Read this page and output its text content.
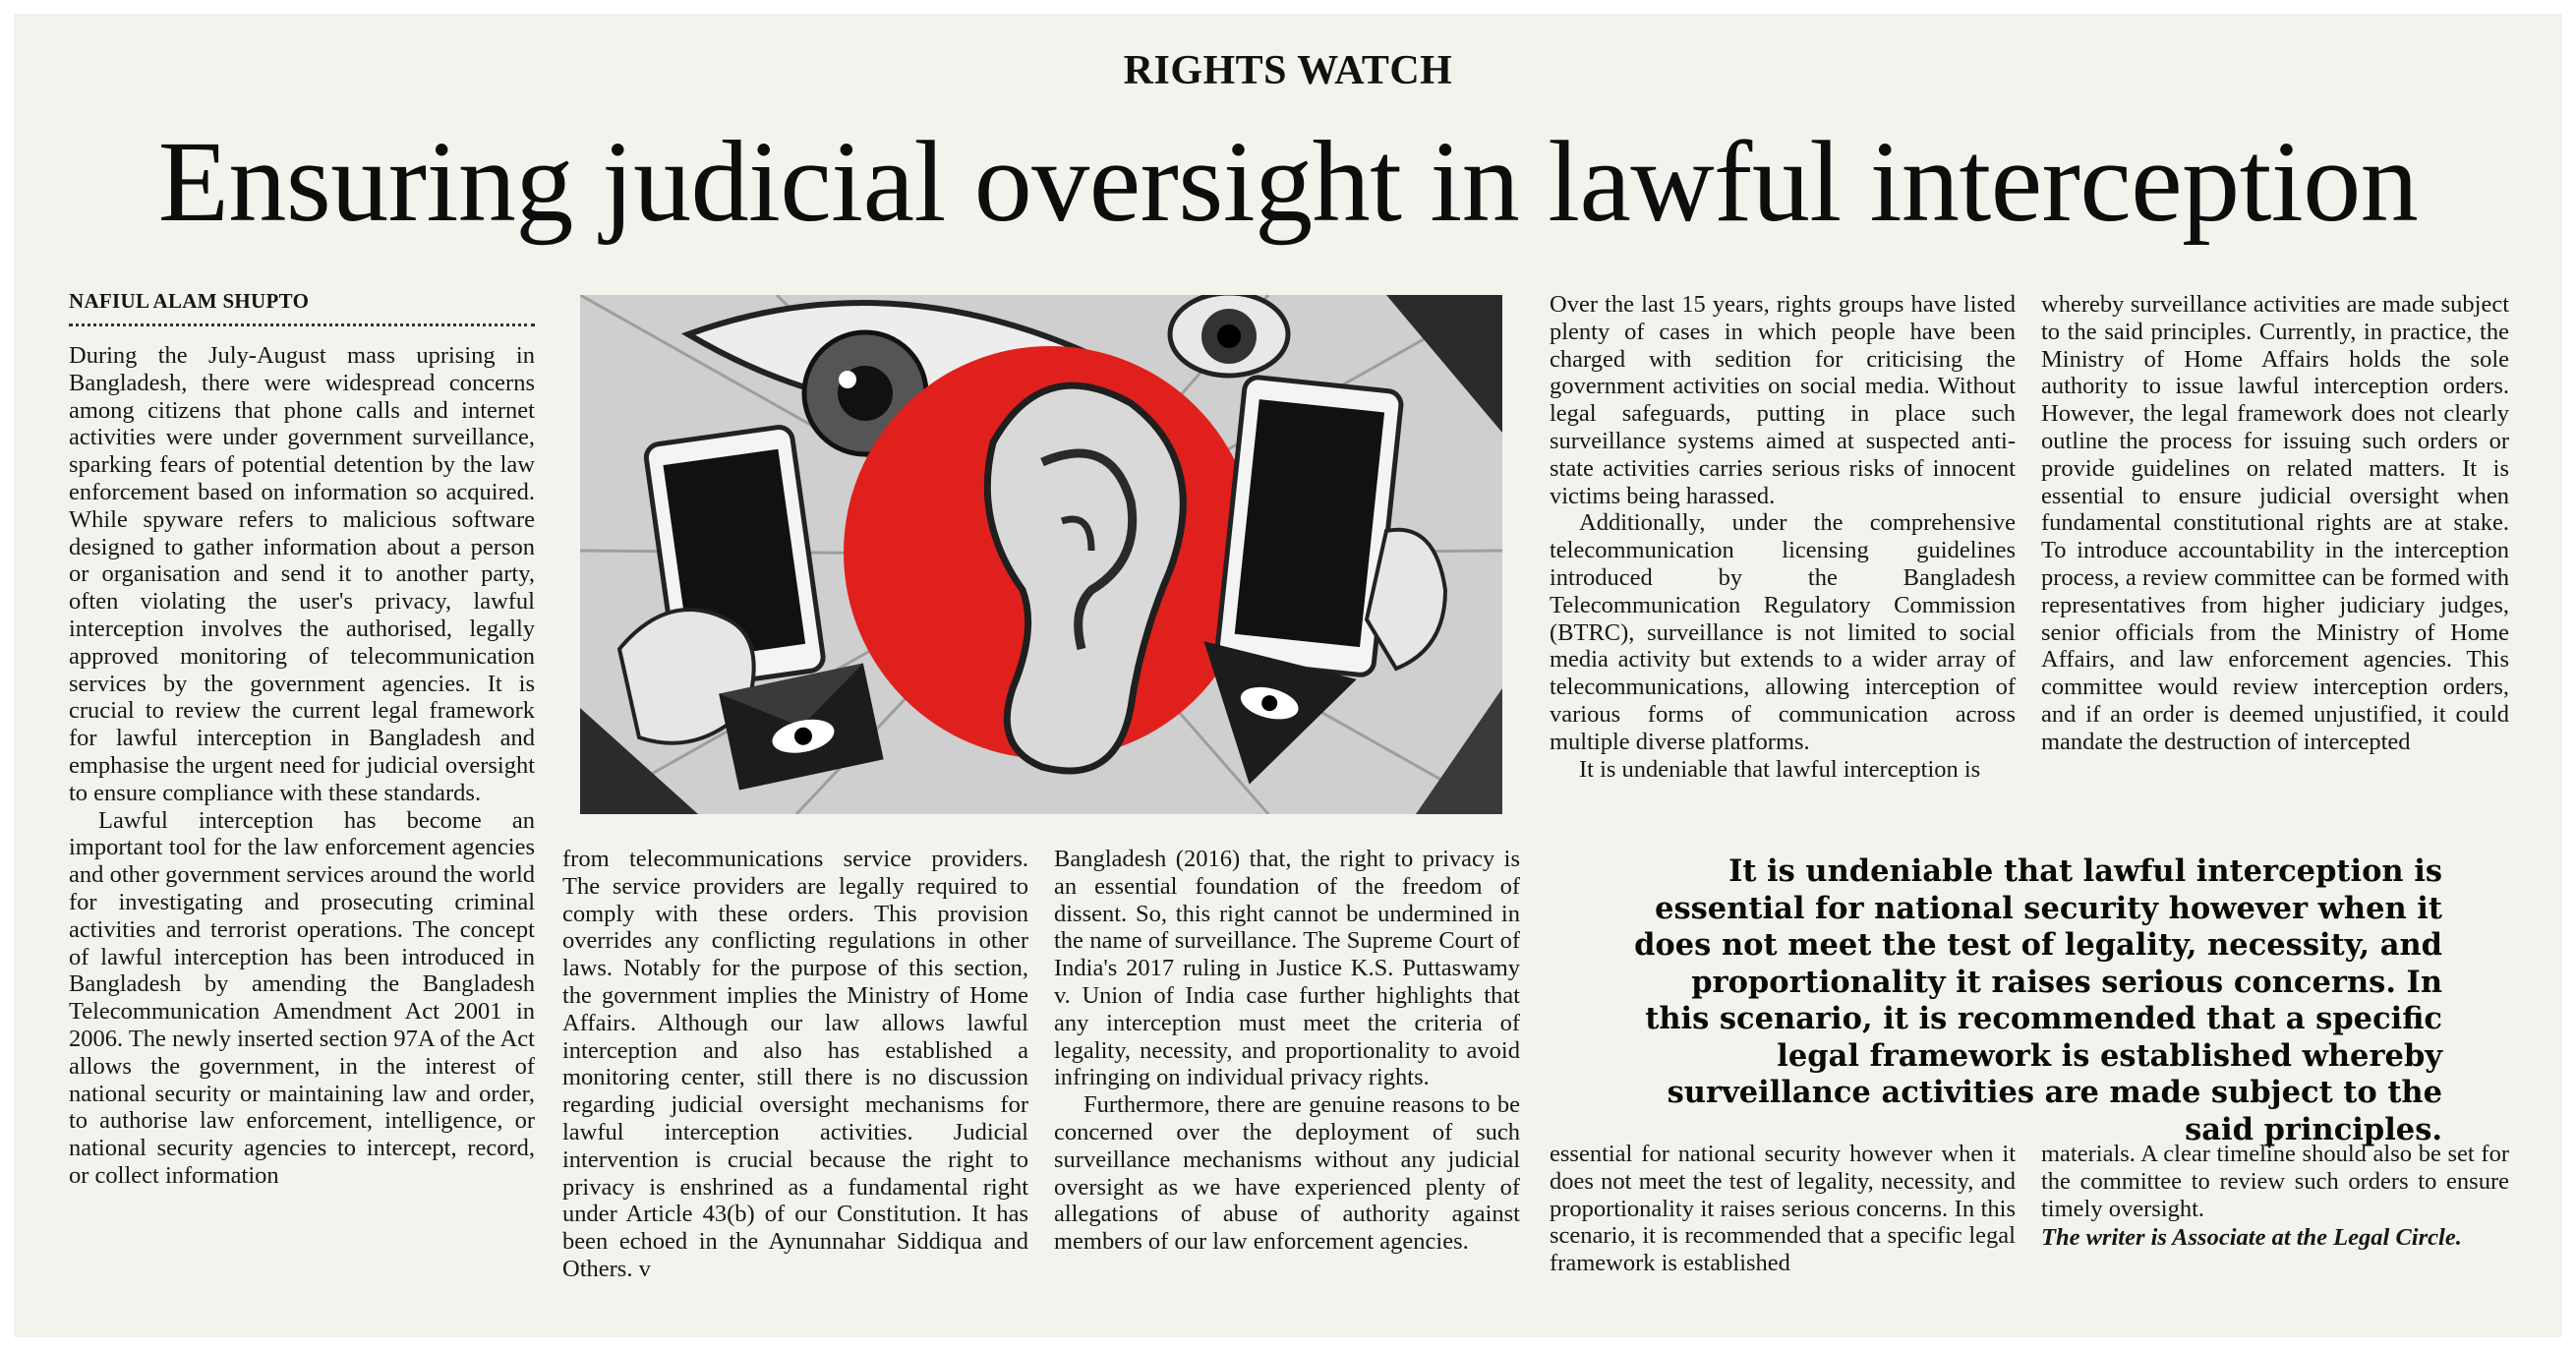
RIGHTS WATCH
Ensuring judicial oversight in lawful interception
NAFIUL ALAM SHUPTO

During the July-August mass uprising in Bangladesh, there were widespread concerns among citizens that phone calls and internet activities were under government surveillance, sparking fears of potential detention by the law enforcement based on information so acquired. While spyware refers to malicious software designed to gather information about a person or organisation and send it to another party, often violating the user's privacy, lawful interception involves the authorised, legally approved monitoring of telecommunication services by the government agencies. It is crucial to review the current legal framework for lawful interception in Bangladesh and emphasise the urgent need for judicial oversight to ensure compliance with these standards.

Lawful interception has become an important tool for the law enforcement agencies and other government services around the world for investigating and prosecuting criminal activities and terrorist operations. The concept of lawful interception has been introduced in Bangladesh by amending the Bangladesh Telecommunication Amendment Act 2001 in 2006. The newly inserted section 97A of the Act allows the government, in the interest of national security or maintaining law and order, to authorise law enforcement, intelligence, or national security agencies to intercept, record, or collect information

from telecommunications service providers. The service providers are legally required to comply with these orders. This provision overrides any conflicting regulations in other laws. Notably for the purpose of this section, the government implies the Ministry of Home Affairs. Although our law allows lawful interception and also has established a monitoring center, still there is no discussion regarding judicial oversight mechanisms for lawful interception activities. Judicial intervention is crucial because the right to privacy is enshrined as a fundamental right under Article 43(b) of our Constitution. It has been echoed in the Aynunnahar Siddiqua and Others. v

Bangladesh (2016) that, the right to privacy is an essential foundation of the freedom of dissent. So, this right cannot be undermined in the name of surveillance. The Supreme Court of India's 2017 ruling in Justice K.S. Puttaswamy v. Union of India case further highlights that any interception must meet the criteria of legality, necessity, and proportionality to avoid infringing on individual privacy rights.

Furthermore, there are genuine reasons to be concerned over the deployment of such surveillance mechanisms without any judicial oversight as we have experienced plenty of allegations of abuse of authority against members of our law enforcement agencies.

Over the last 15 years, rights groups have listed plenty of cases in which people have been charged with sedition for criticising the government activities on social media. Without legal safeguards, putting in place such surveillance systems aimed at suspected anti-state activities carries serious risks of innocent victims being harassed.

Additionally, under the comprehensive telecommunication licensing guidelines introduced by the Bangladesh Telecommunication Regulatory Commission (BTRC), surveillance is not limited to social media activity but extends to a wider array of telecommunications, allowing interception of various forms of communication across multiple diverse platforms.

It is undeniable that lawful interception is

whereby surveillance activities are made subject to the said principles. Currently, in practice, the Ministry of Home Affairs holds the sole authority to issue lawful interception orders. However, the legal framework does not clearly outline the process for issuing such orders or provide guidelines on related matters. It is essential to ensure judicial oversight when fundamental constitutional rights are at stake. To introduce accountability in the interception process, a review committee can be formed with representatives from higher judiciary judges, senior officials from the Ministry of Home Affairs, and law enforcement agencies. This committee would review interception orders, and if an order is deemed unjustified, it could mandate the destruction of intercepted

It is undeniable that lawful interception is essential for national security however when it does not meet the test of legality, necessity, and proportionality it raises serious concerns. In this scenario, it is recommended that a specific legal framework is established whereby surveillance activities are made subject to the said principles.

essential for national security however when it does not meet the test of legality, necessity, and proportionality it raises serious concerns. In this scenario, it is recommended that a specific legal framework is established

materials. A clear timeline should also be set for the committee to review such orders to ensure timely oversight.

The writer is Associate at the Legal Circle.
